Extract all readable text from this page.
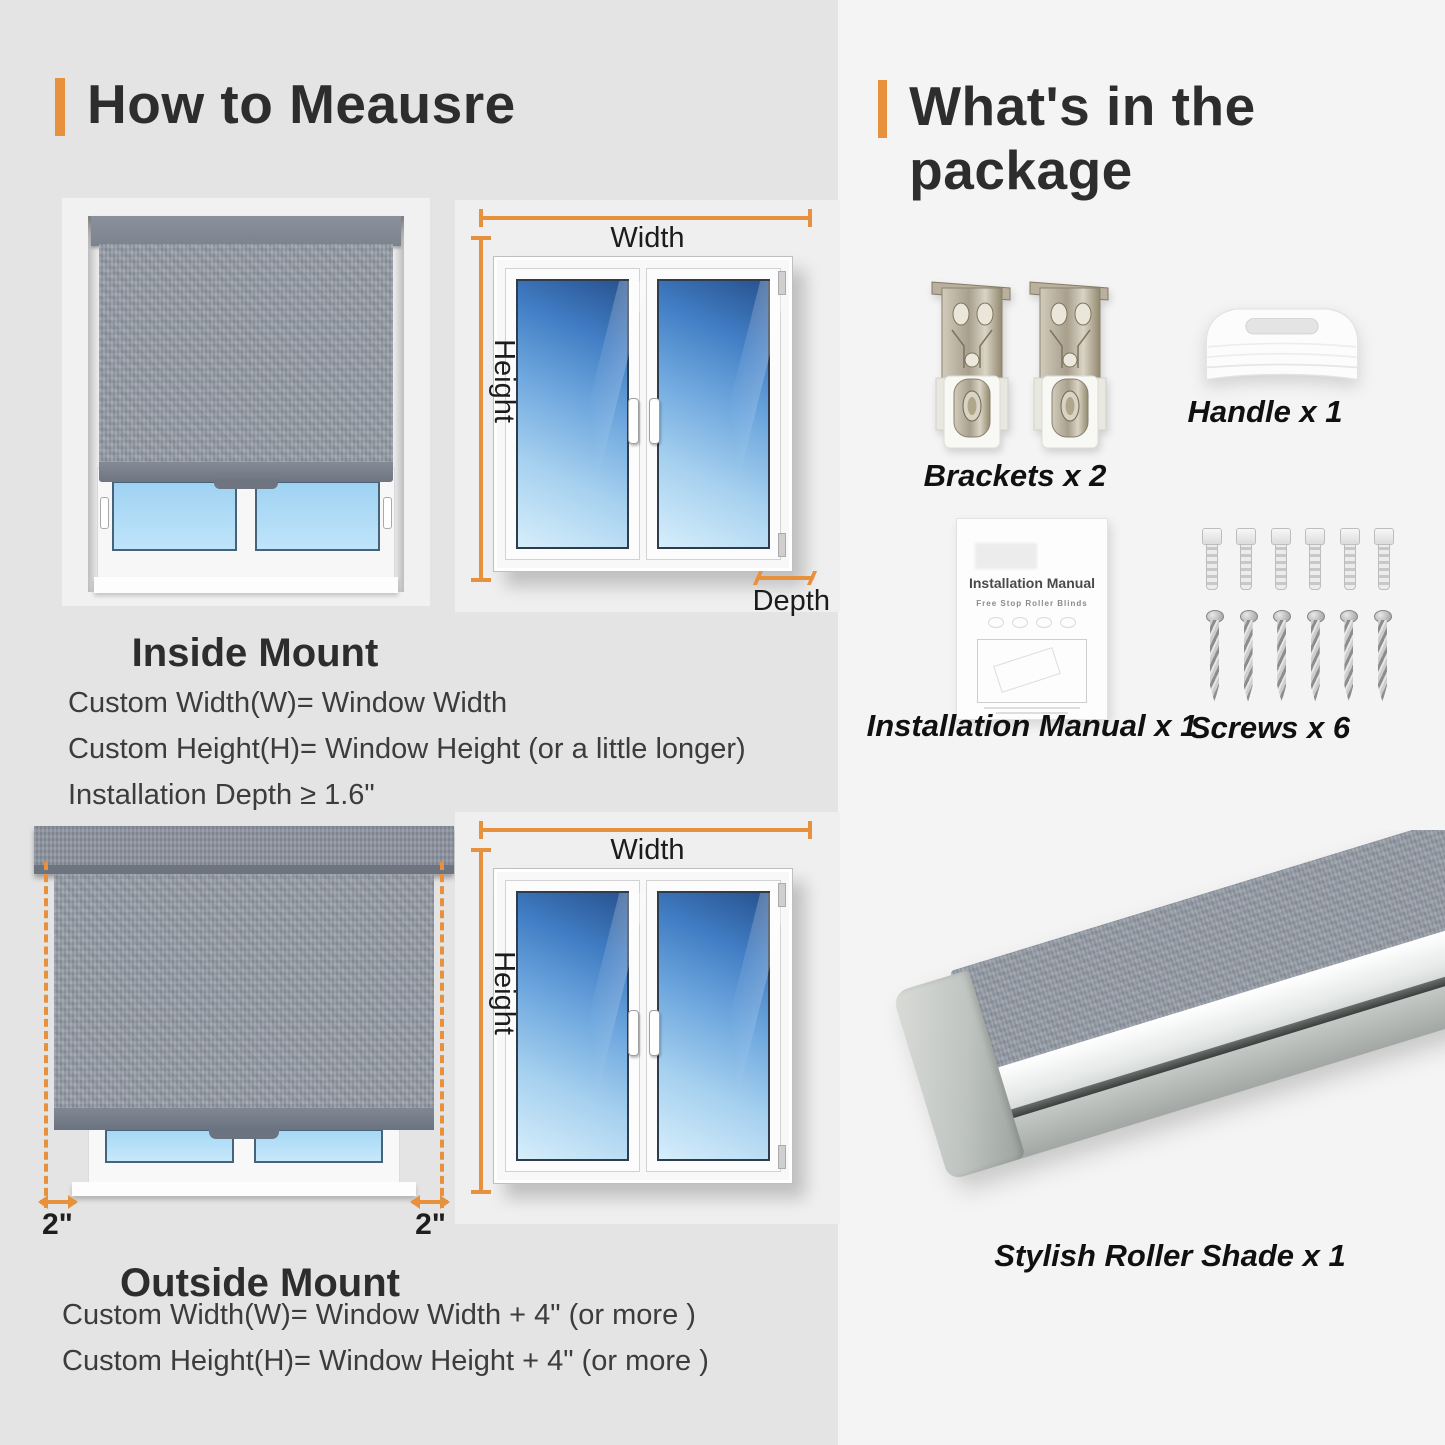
How to Meausre
Width
Height
Depth
Inside Mount

Custom Width(W)= Window Width

Custom Height(H)= Window Height (or a little longer)

Installation Depth ≥ 1.6"

2"	2"
Width
Height
Outside Mount

Custom Width(W)= Window Width + 4" (or more )

Custom Height(H)= Window Height + 4" (or more )

What's in the package
Brackets x 2
Handle x 1
Installation Manual
Free Stop Roller Blinds
Installation Manual x 1
Screws x 6
Stylish Roller Shade x 1
